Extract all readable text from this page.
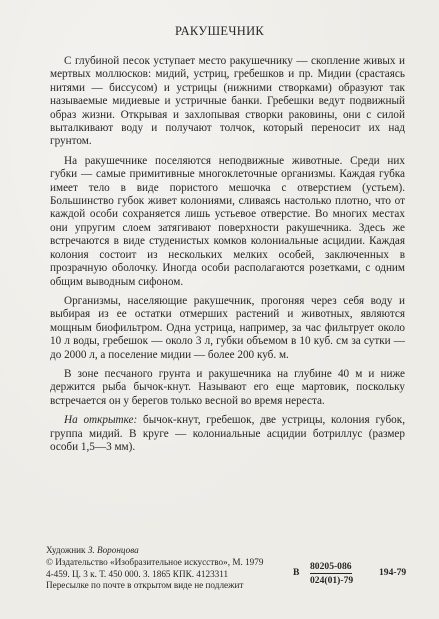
РАКУШЕЧНИК

С глубиной песок уступает место ракушечнику — скопление живых и мертвых моллюсков: мидий, устриц, гребешков и пр. Мидии (срастаясь нитями — биссусом) и устрицы (нижними створками) образуют так называемые мидиевые и устричные банки. Гребешки ведут подвижный образ жизни. Открывая и захлопывая створки раковины, они с силой выталкивают воду и получают толчок, который переносит их над грунтом.

На ракушечнике поселяются неподвижные животные. Среди них губки — самые примитивные многоклеточные организмы. Каждая губка имеет тело в виде пористого мешочка с отверстием (устьем). Большинство губок живет колониями, сливаясь настолько плотно, что от каждой особи сохраняется лишь устьевое отверстие. Во многих местах они упругим слоем затягивают поверхности ракушечника. Здесь же встречаются в виде студенистых комков колониальные асцидии. Каждая колония состоит из нескольких мелких особей, заключенных в прозрачную оболочку. Иногда особи располагаются розетками, с одним общим выводным сифоном.

Организмы, населяющие ракушечник, прогоняя через себя воду и выбирая из ее остатки отмерших растений и животных, являются мощным биофильтром. Одна устрица, например, за час фильтрует около 10 л воды, гребешок — около 3 л, губки объемом в 10 куб. см за сутки — до 2000 л, а поселение мидии — более 200 куб. м.

В зоне песчаного грунта и ракушечника на глубине 40 м и ниже держится рыба бычок-кнут. Называют его еще мартовик, поскольку встречается он у берегов только весной во время нереста.

На открытке: бычок-кнут, гребешок, две устрицы, колония губок, группа мидий. В круге — колониальные асцидии ботриллус (размер особи 1,5—3 мм).

Художник З. Воронцова
© Издательство «Изобразительное искусство», М. 1979
4-459. Ц. 3 к. Т. 450 000. З. 1865 КПК. 4123311
Пересылке по почте в открытом виде не подлежит
В
80205-086
024(01)-79
194-79
